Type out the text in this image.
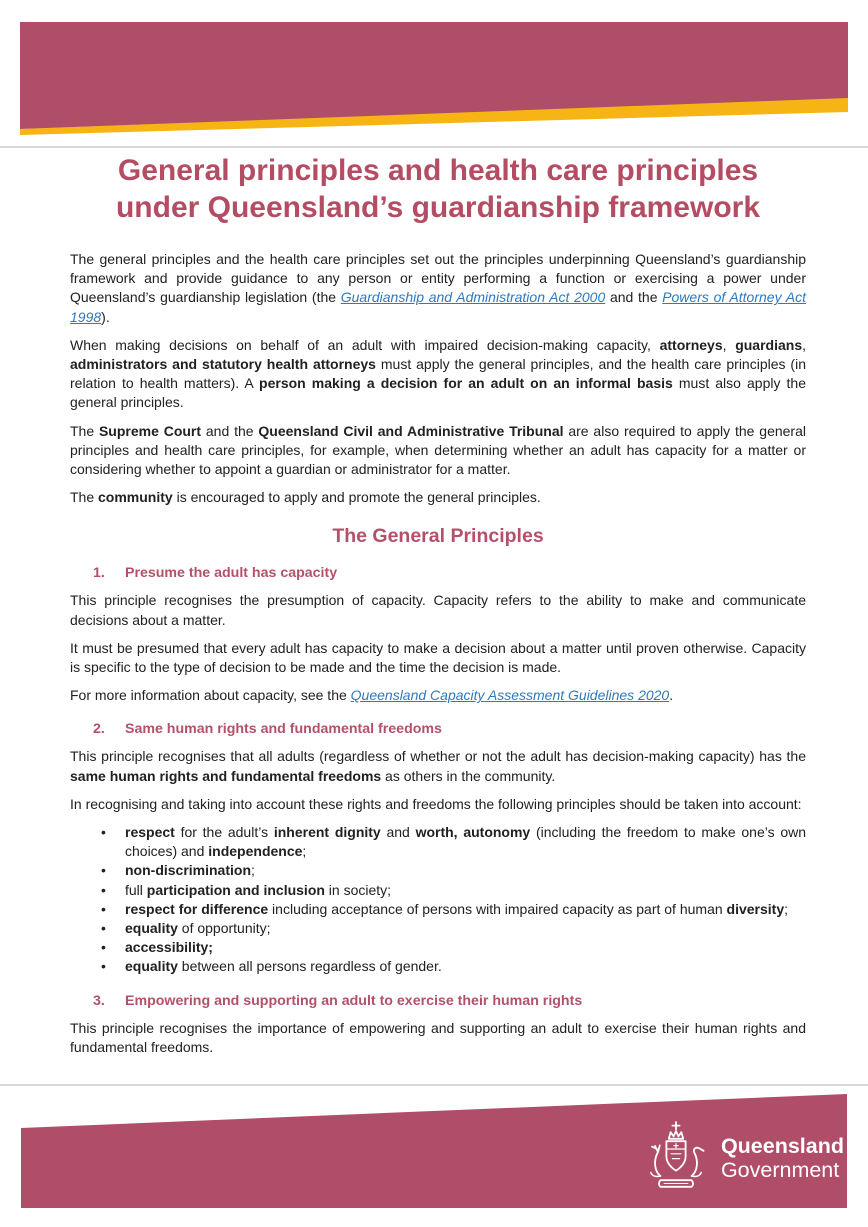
General principles and health care principles
under Queensland’s guardianship framework

The general principles and the health care principles set out the principles underpinning Queensland’s guardianship framework and provide guidance to any person or entity performing a function or exercising a power under Queensland’s guardianship legislation (the Guardianship and Administration Act 2000 and the Powers of Attorney Act 1998).

When making decisions on behalf of an adult with impaired decision-making capacity, attorneys, guardians, administrators and statutory health attorneys must apply the general principles, and the health care principles (in relation to health matters). A person making a decision for an adult on an informal basis must also apply the general principles.

The Supreme Court and the Queensland Civil and Administrative Tribunal are also required to apply the general principles and health care principles, for example, when determining whether an adult has capacity for a matter or considering whether to appoint a guardian or administrator for a matter.

The community is encouraged to apply and promote the general principles.

The General Principles
1.	Presume the adult has capacity

This principle recognises the presumption of capacity. Capacity refers to the ability to make and communicate decisions about a matter.

It must be presumed that every adult has capacity to make a decision about a matter until proven otherwise. Capacity is specific to the type of decision to be made and the time the decision is made.

For more information about capacity, see the Queensland Capacity Assessment Guidelines 2020.

2.	Same human rights and fundamental freedoms

This principle recognises that all adults (regardless of whether or not the adult has decision-making capacity) has the same human rights and fundamental freedoms as others in the community.

In recognising and taking into account these rights and freedoms the following principles should be taken into account:

•	respect for the adult’s inherent dignity and worth, autonomy (including the freedom to make one’s own choices) and independence;
•	non-discrimination;
•	full participation and inclusion in society;
•	respect for difference including acceptance of persons with impaired capacity as part of human diversity;
•	equality of opportunity;
•	accessibility;
•	equality between all persons regardless of gender.
3.	Empowering and supporting an adult to exercise their human rights

This principle recognises the importance of empowering and supporting an adult to exercise their human rights and fundamental freedoms.

Queensland
Government
